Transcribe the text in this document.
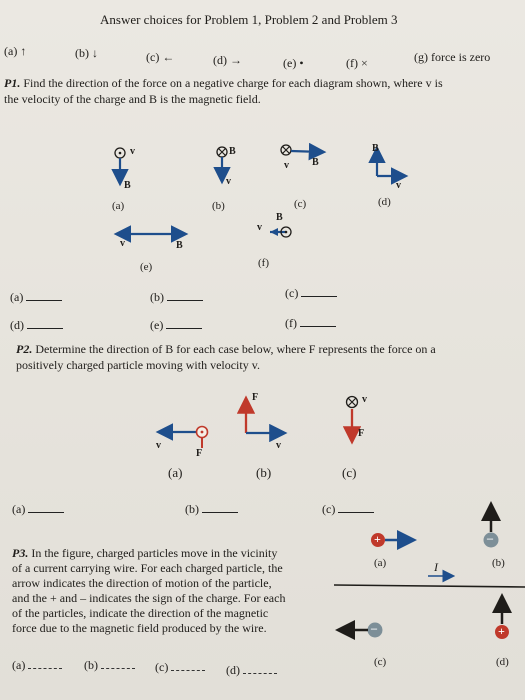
Answer choices for Problem 1, Problem 2 and Problem 3
(a) ↑	(b) ↓	(c) ←	(d) →	(e) •	(f) ×	(g) force is zero
P1. Find the direction of the force on a negative charge for each diagram shown, where v is
the velocity of the charge and B is the magnetic field.
v
B
B
v
v B
B
v
v	B
v
B
(a)	(b)	(c)	(d)
(e)	(f)
(a)	(b)	(c)
(d)	(e)	(f)
P2. Determine the direction of B for each case below, where F represents the force on a
positively charged particle moving with velocity v.
v
F
F
v
v
F
(a)	(b)	(c)
(a)	(b)	(c)
P3. In the figure, charged particles move in the vicinity
of a current carrying wire. For each charged particle, the
arrow indicates the direction of motion of the particle,
and the + and – indicates the sign of the charge. For each
of the particles, indicate the direction of the magnetic
force due to the magnetic field produced by the wire.
+	–
–	+
(a)	(b)
I
(c)	(d)
(a)	(b)	(c)	(d)
